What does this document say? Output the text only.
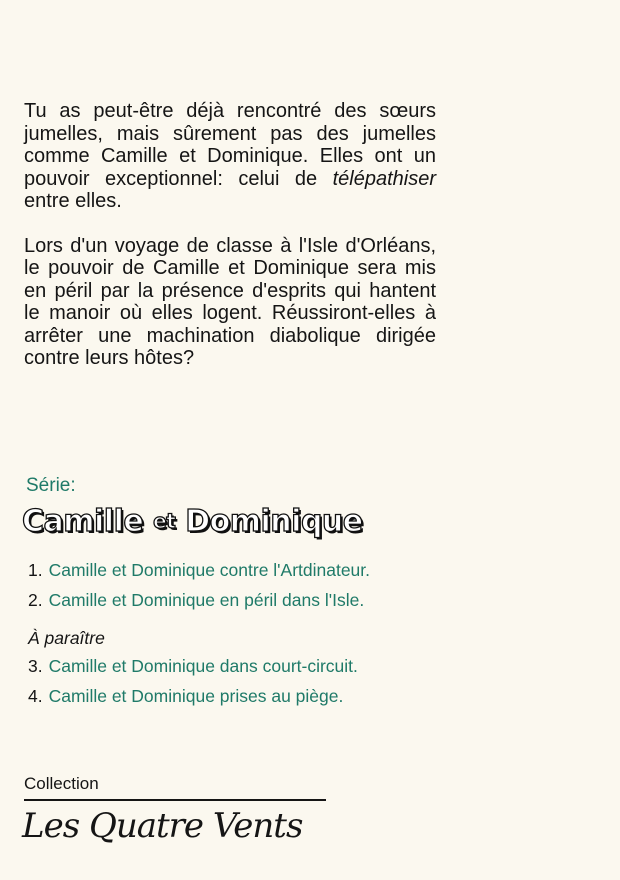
Tu as peut-être déjà rencontré des sœurs jumelles, mais sûrement pas des jumelles comme Camille et Dominique. Elles ont un pouvoir exceptionnel: celui de télépathiser entre elles.

Lors d'un voyage de classe à l'Isle d'Orléans, le pouvoir de Camille et Dominique sera mis en péril par la présence d'esprits qui hantent le manoir où elles logent. Réussiront-elles à arrêter une machination diabolique dirigée contre leurs hôtes?

Série:
Camille et Dominique
1. Camille et Dominique contre l'Artdinateur.
2. Camille et Dominique en péril dans l'Isle.
À paraître
3. Camille et Dominique dans court-circuit.
4. Camille et Dominique prises au piège.
Collection
Les Quatre Vents
